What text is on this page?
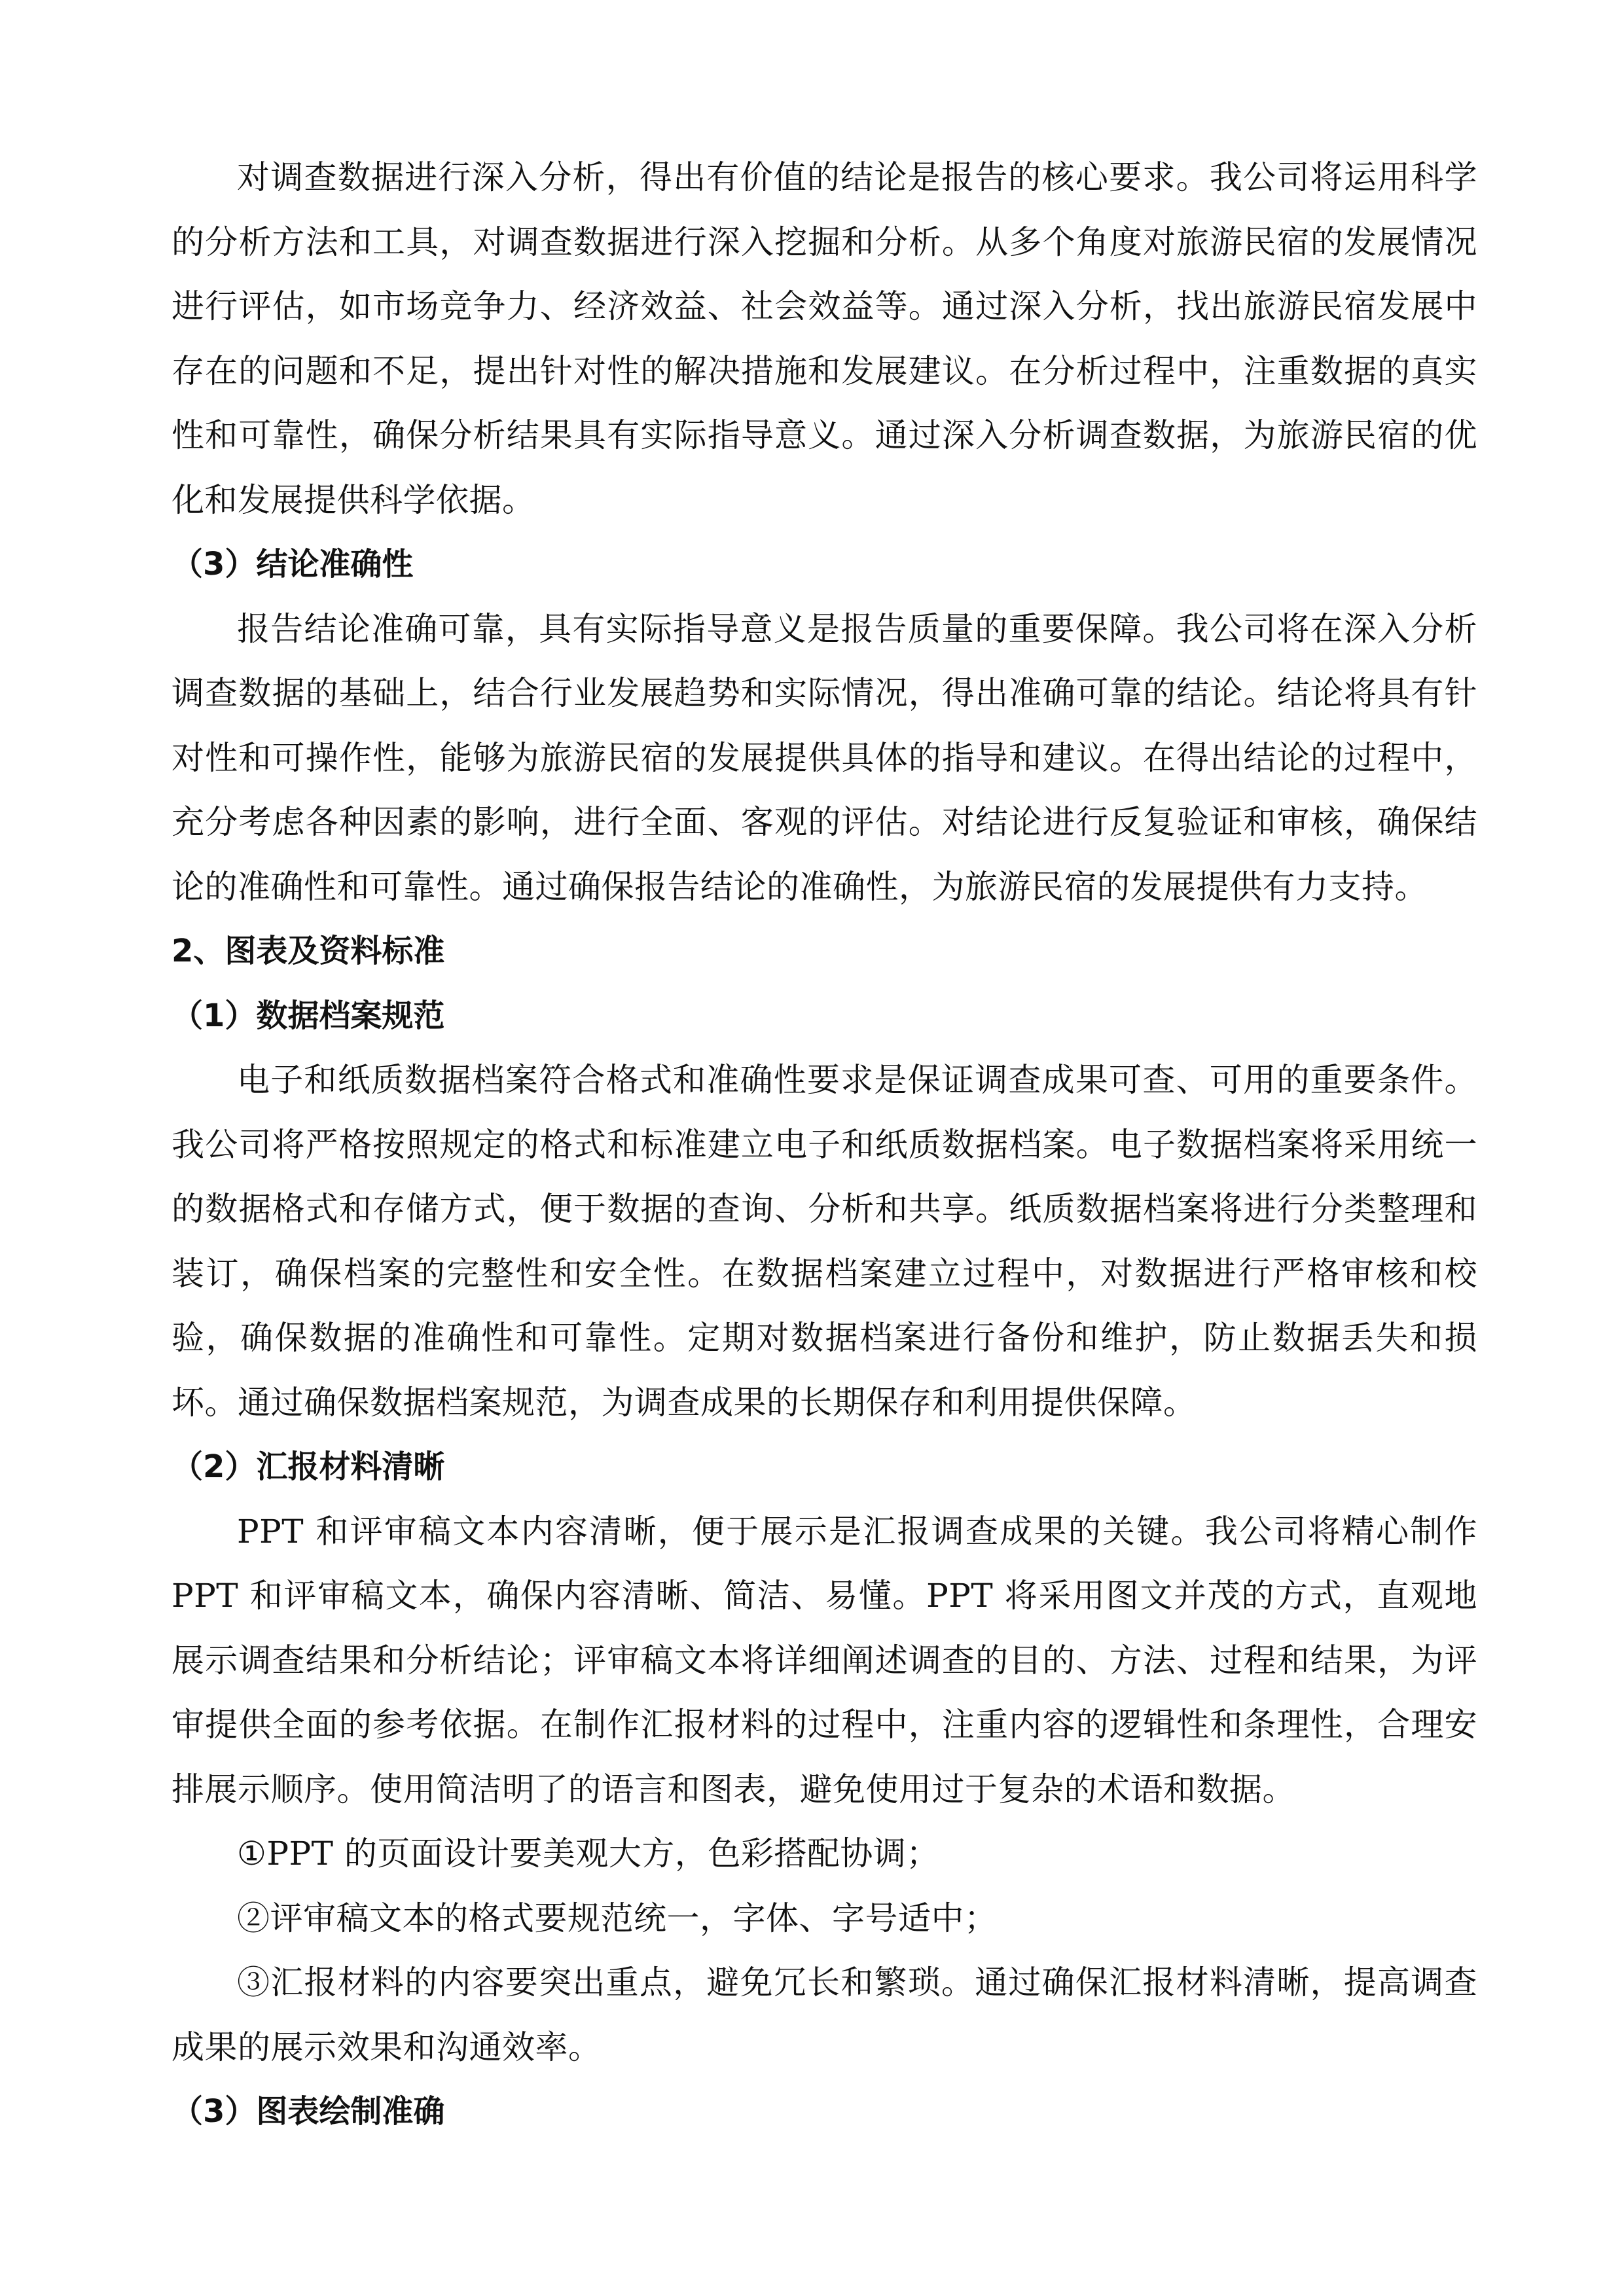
对调查数据进行深入分析，得出有价值的结论是报告的核心要求。我公司将运用科学的分析方法和工具，对调查数据进行深入挖掘和分析。从多个角度对旅游民宿的发展情况进行评估，如市场竞争力、经济效益、社会效益等。通过深入分析，找出旅游民宿发展中存在的问题和不足，提出针对性的解决措施和发展建议。在分析过程中，注重数据的真实性和可靠性，确保分析结果具有实际指导意义。通过深入分析调查数据，为旅游民宿的优化和发展提供科学依据。

（3）结论准确性

报告结论准确可靠，具有实际指导意义是报告质量的重要保障。我公司将在深入分析调查数据的基础上，结合行业发展趋势和实际情况，得出准确可靠的结论。结论将具有针对性和可操作性，能够为旅游民宿的发展提供具体的指导和建议。在得出结论的过程中，充分考虑各种因素的影响，进行全面、客观的评估。对结论进行反复验证和审核，确保结论的准确性和可靠性。通过确保报告结论的准确性，为旅游民宿的发展提供有力支持。

2、图表及资料标准
（1）数据档案规范

电子和纸质数据档案符合格式和准确性要求是保证调查成果可查、可用的重要条件。我公司将严格按照规定的格式和标准建立电子和纸质数据档案。电子数据档案将采用统一的数据格式和存储方式，便于数据的查询、分析和共享。纸质数据档案将进行分类整理和装订，确保档案的完整性和安全性。在数据档案建立过程中，对数据进行严格审核和校验，确保数据的准确性和可靠性。定期对数据档案进行备份和维护，防止数据丢失和损坏。通过确保数据档案规范，为调查成果的长期保存和利用提供保障。

（2）汇报材料清晰

PPT 和评审稿文本内容清晰，便于展示是汇报调查成果的关键。我公司将精心制作 PPT 和评审稿文本，确保内容清晰、简洁、易懂。PPT 将采用图文并茂的方式，直观地展示调查结果和分析结论；评审稿文本将详细阐述调查的目的、方法、过程和结果，为评审提供全面的参考依据。在制作汇报材料的过程中，注重内容的逻辑性和条理性，合理安排展示顺序。使用简洁明了的语言和图表，避免使用过于复杂的术语和数据。

①PPT 的页面设计要美观大方，色彩搭配协调；

②评审稿文本的格式要规范统一，字体、字号适中；

③汇报材料的内容要突出重点，避免冗长和繁琐。通过确保汇报材料清晰，提高调查成果的展示效果和沟通效率。

（3）图表绘制准确
